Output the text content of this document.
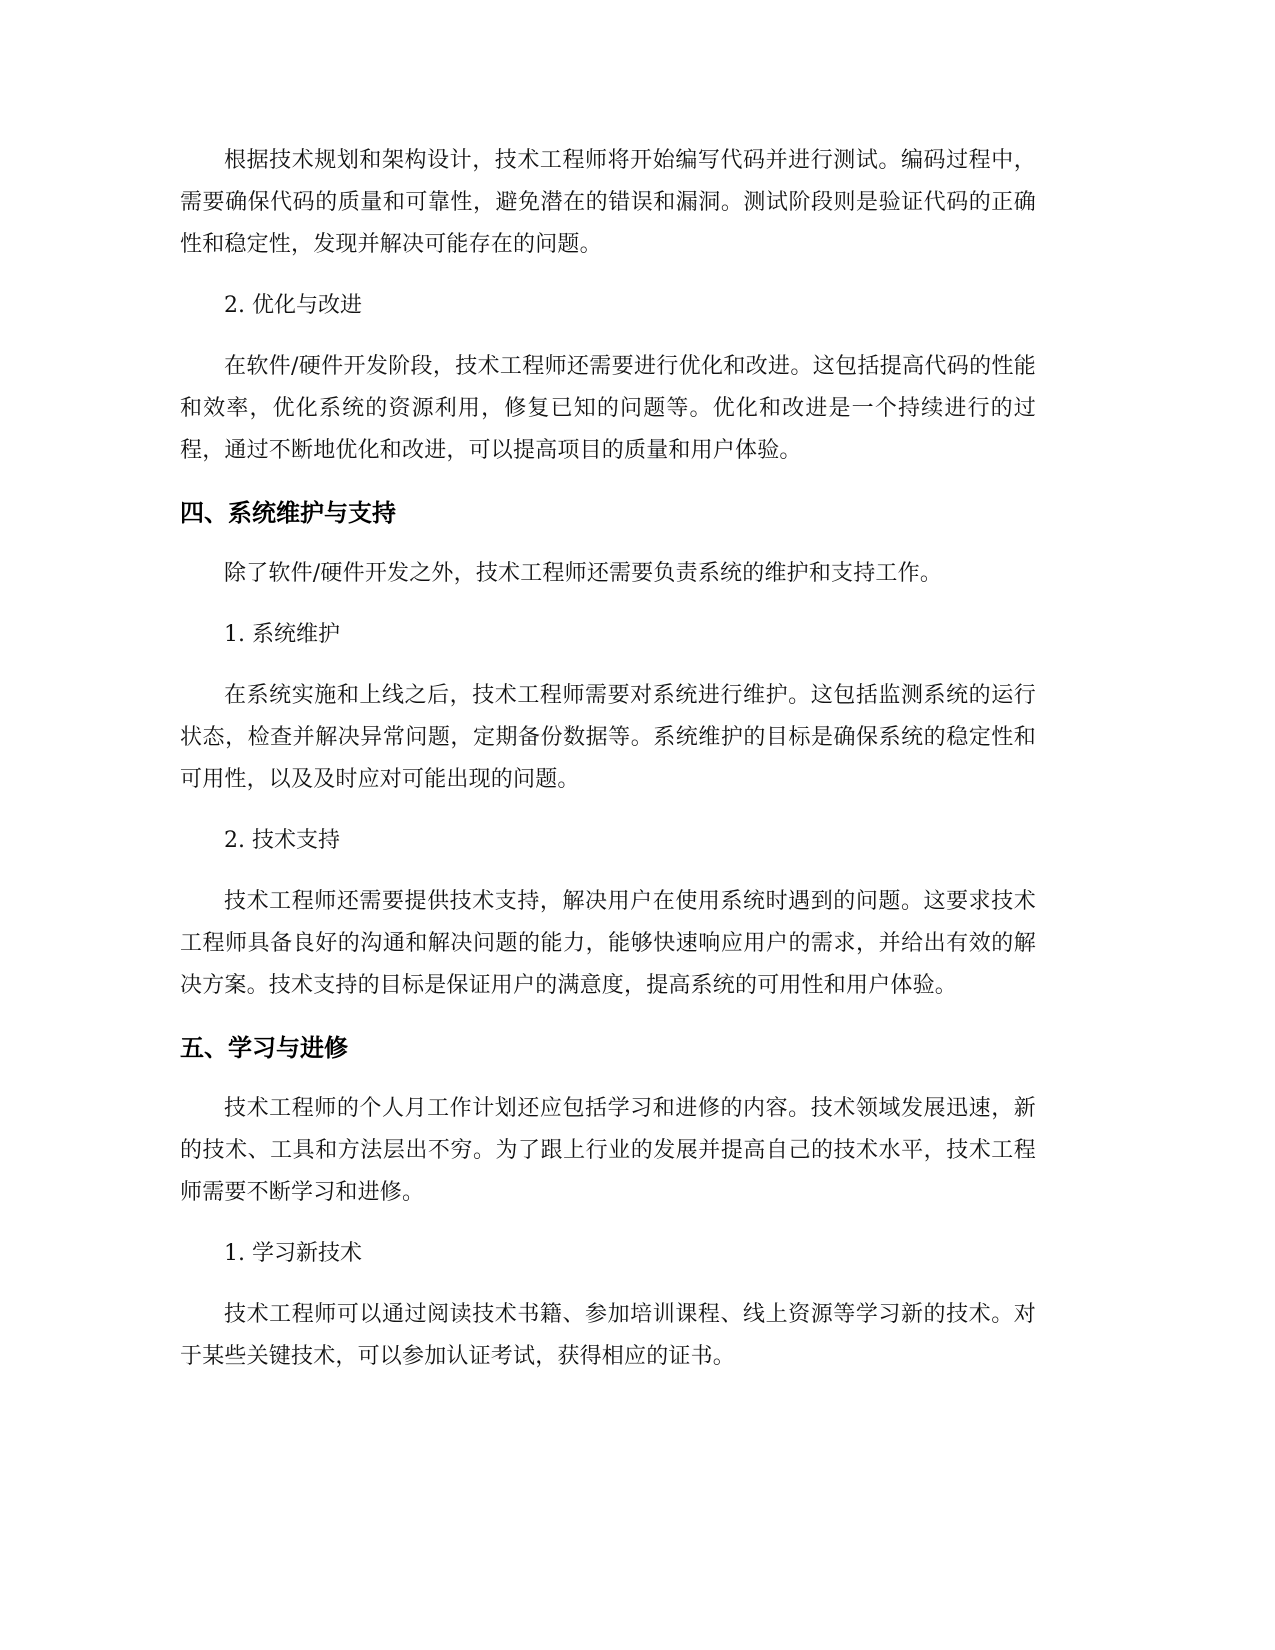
根据技术规划和架构设计，技术工程师将开始编写代码并进行测试。编码过程中，需要确保代码的质量和可靠性，避免潜在的错误和漏洞。测试阶段则是验证代码的正确性和稳定性，发现并解决可能存在的问题。

2. 优化与改进

在软件/硬件开发阶段，技术工程师还需要进行优化和改进。这包括提高代码的性能和效率，优化系统的资源利用，修复已知的问题等。优化和改进是一个持续进行的过程，通过不断地优化和改进，可以提高项目的质量和用户体验。

四、系统维护与支持

除了软件/硬件开发之外，技术工程师还需要负责系统的维护和支持工作。

1. 系统维护

在系统实施和上线之后，技术工程师需要对系统进行维护。这包括监测系统的运行状态，检查并解决异常问题，定期备份数据等。系统维护的目标是确保系统的稳定性和可用性，以及及时应对可能出现的问题。

2. 技术支持

技术工程师还需要提供技术支持，解决用户在使用系统时遇到的问题。这要求技术工程师具备良好的沟通和解决问题的能力，能够快速响应用户的需求，并给出有效的解决方案。技术支持的目标是保证用户的满意度，提高系统的可用性和用户体验。

五、学习与进修

技术工程师的个人月工作计划还应包括学习和进修的内容。技术领域发展迅速，新的技术、工具和方法层出不穷。为了跟上行业的发展并提高自己的技术水平，技术工程师需要不断学习和进修。

1. 学习新技术

技术工程师可以通过阅读技术书籍、参加培训课程、线上资源等学习新的技术。对于某些关键技术，可以参加认证考试，获得相应的证书。
